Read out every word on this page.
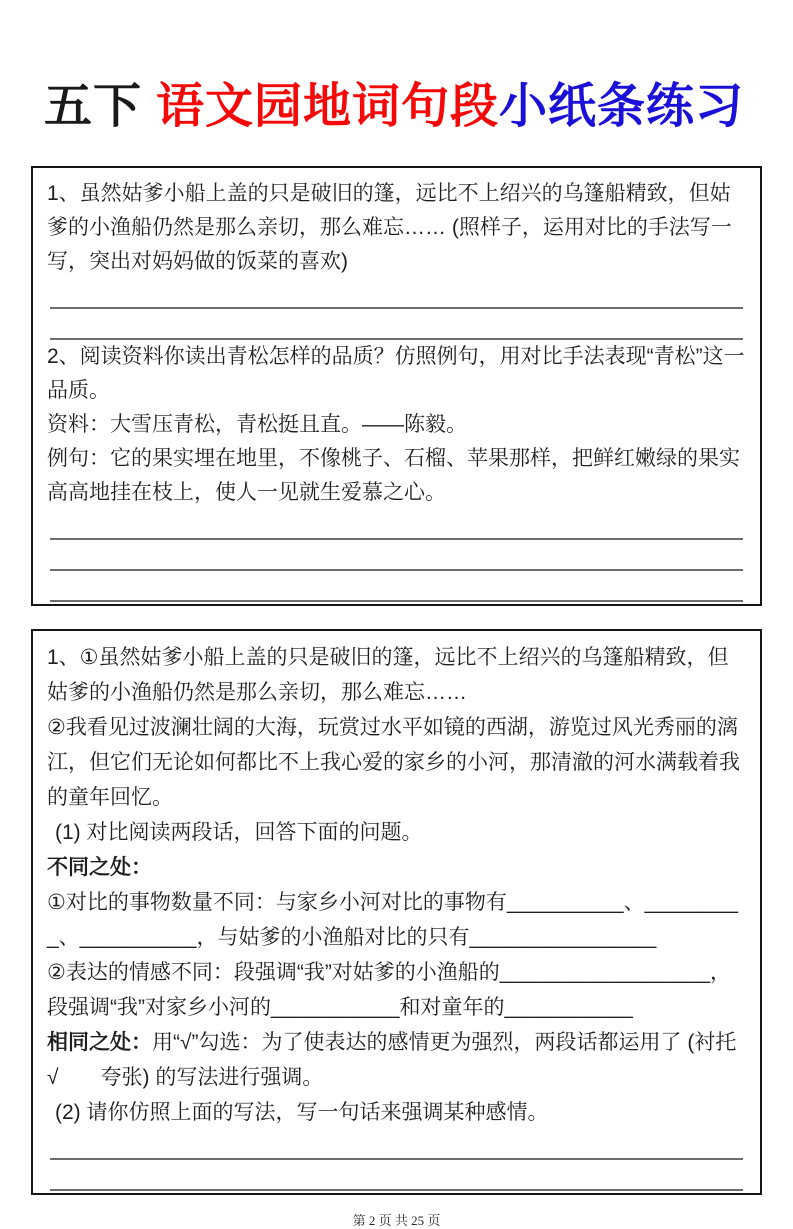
五下 语文园地词句段小纸条练习

1、虽然姑爹小船上盖的只是破旧的篷，远比不上绍兴的乌篷船精致，但姑爹的小渔船仍然是那么亲切，那么难忘…… (照样子，运用对比的手法写一写，突出对妈妈做的饭菜的喜欢)

2、阅读资料你读出青松怎样的品质？仿照例句，用对比手法表现“青松”这一品质。

资料：大雪压青松，青松挺且直。——陈毅。

例句：它的果实埋在地里，不像桃子、石榴、苹果那样，把鲜红嫩绿的果实高高地挂在枝上，使人一见就生爱慕之心。

1、①虽然姑爹小船上盖的只是破旧的篷，远比不上绍兴的乌篷船精致，但姑爹的小渔船仍然是那么亲切，那么难忘……

②我看见过波澜壮阔的大海，玩赏过水平如镜的西湖，游览过风光秀丽的漓江，但它们无论如何都比不上我心爱的家乡的小河，那清澈的河水满载着我的童年回忆。

(1) 对比阅读两段话，回答下面的问题。

不同之处：

①对比的事物数量不同：与家乡小河对比的事物有__________、_________、__________，与姑爹的小渔船对比的只有________________

②表达的情感不同：段强调“我”对姑爹的小渔船的__________________，段强调“我”对家乡小河的___________和对童年的___________

相同之处：用“√”勾选：为了使表达的感情更为强烈，两段话都运用了 (衬托√　　夸张) 的写法进行强调。

(2) 请你仿照上面的写法，写一句话来强调某种感情。

第 2 页 共 25 页
